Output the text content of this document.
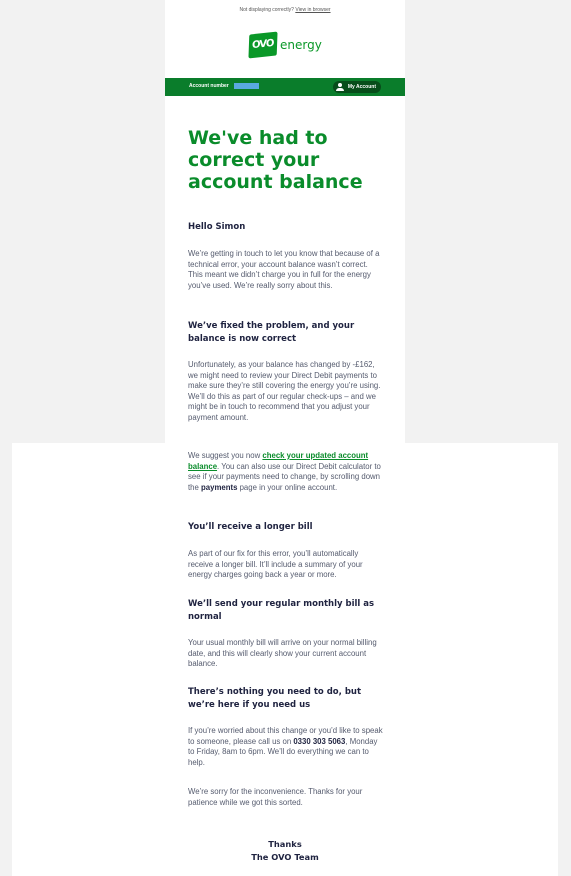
Not displaying correctly? View in browser
OVO energy
Account number	My Account
We've had to correct your account balance
Hello Simon
We’re getting in touch to let you know that because of a technical error, your account balance wasn’t correct. This meant we didn’t charge you in full for the energy you’ve used. We’re really sorry about this.
We’ve fixed the problem, and your balance is now correct
Unfortunately, as your balance has changed by -£162, we might need to review your Direct Debit payments to make sure they’re still covering the energy you’re using. We’ll do this as part of our regular check-ups – and we might be in touch to recommend that you adjust your payment amount.
We suggest you now check your updated account balance. You can also use our Direct Debit calculator to see if your payments need to change, by scrolling down the payments page in your online account.
You’ll receive a longer bill
As part of our fix for this error, you’ll automatically receive a longer bill. It’ll include a summary of your energy charges going back a year or more.
We’ll send your regular monthly bill as normal
Your usual monthly bill will arrive on your normal billing date, and this will clearly show your current account balance.
There’s nothing you need to do, but we’re here if you need us
If you’re worried about this change or you’d like to speak to someone, please call us on 0330 303 5063, Monday to Friday, 8am to 6pm. We’ll do everything we can to help.
We’re sorry for the inconvenience. Thanks for your patience while we got this sorted.
Thanks
The OVO Team
